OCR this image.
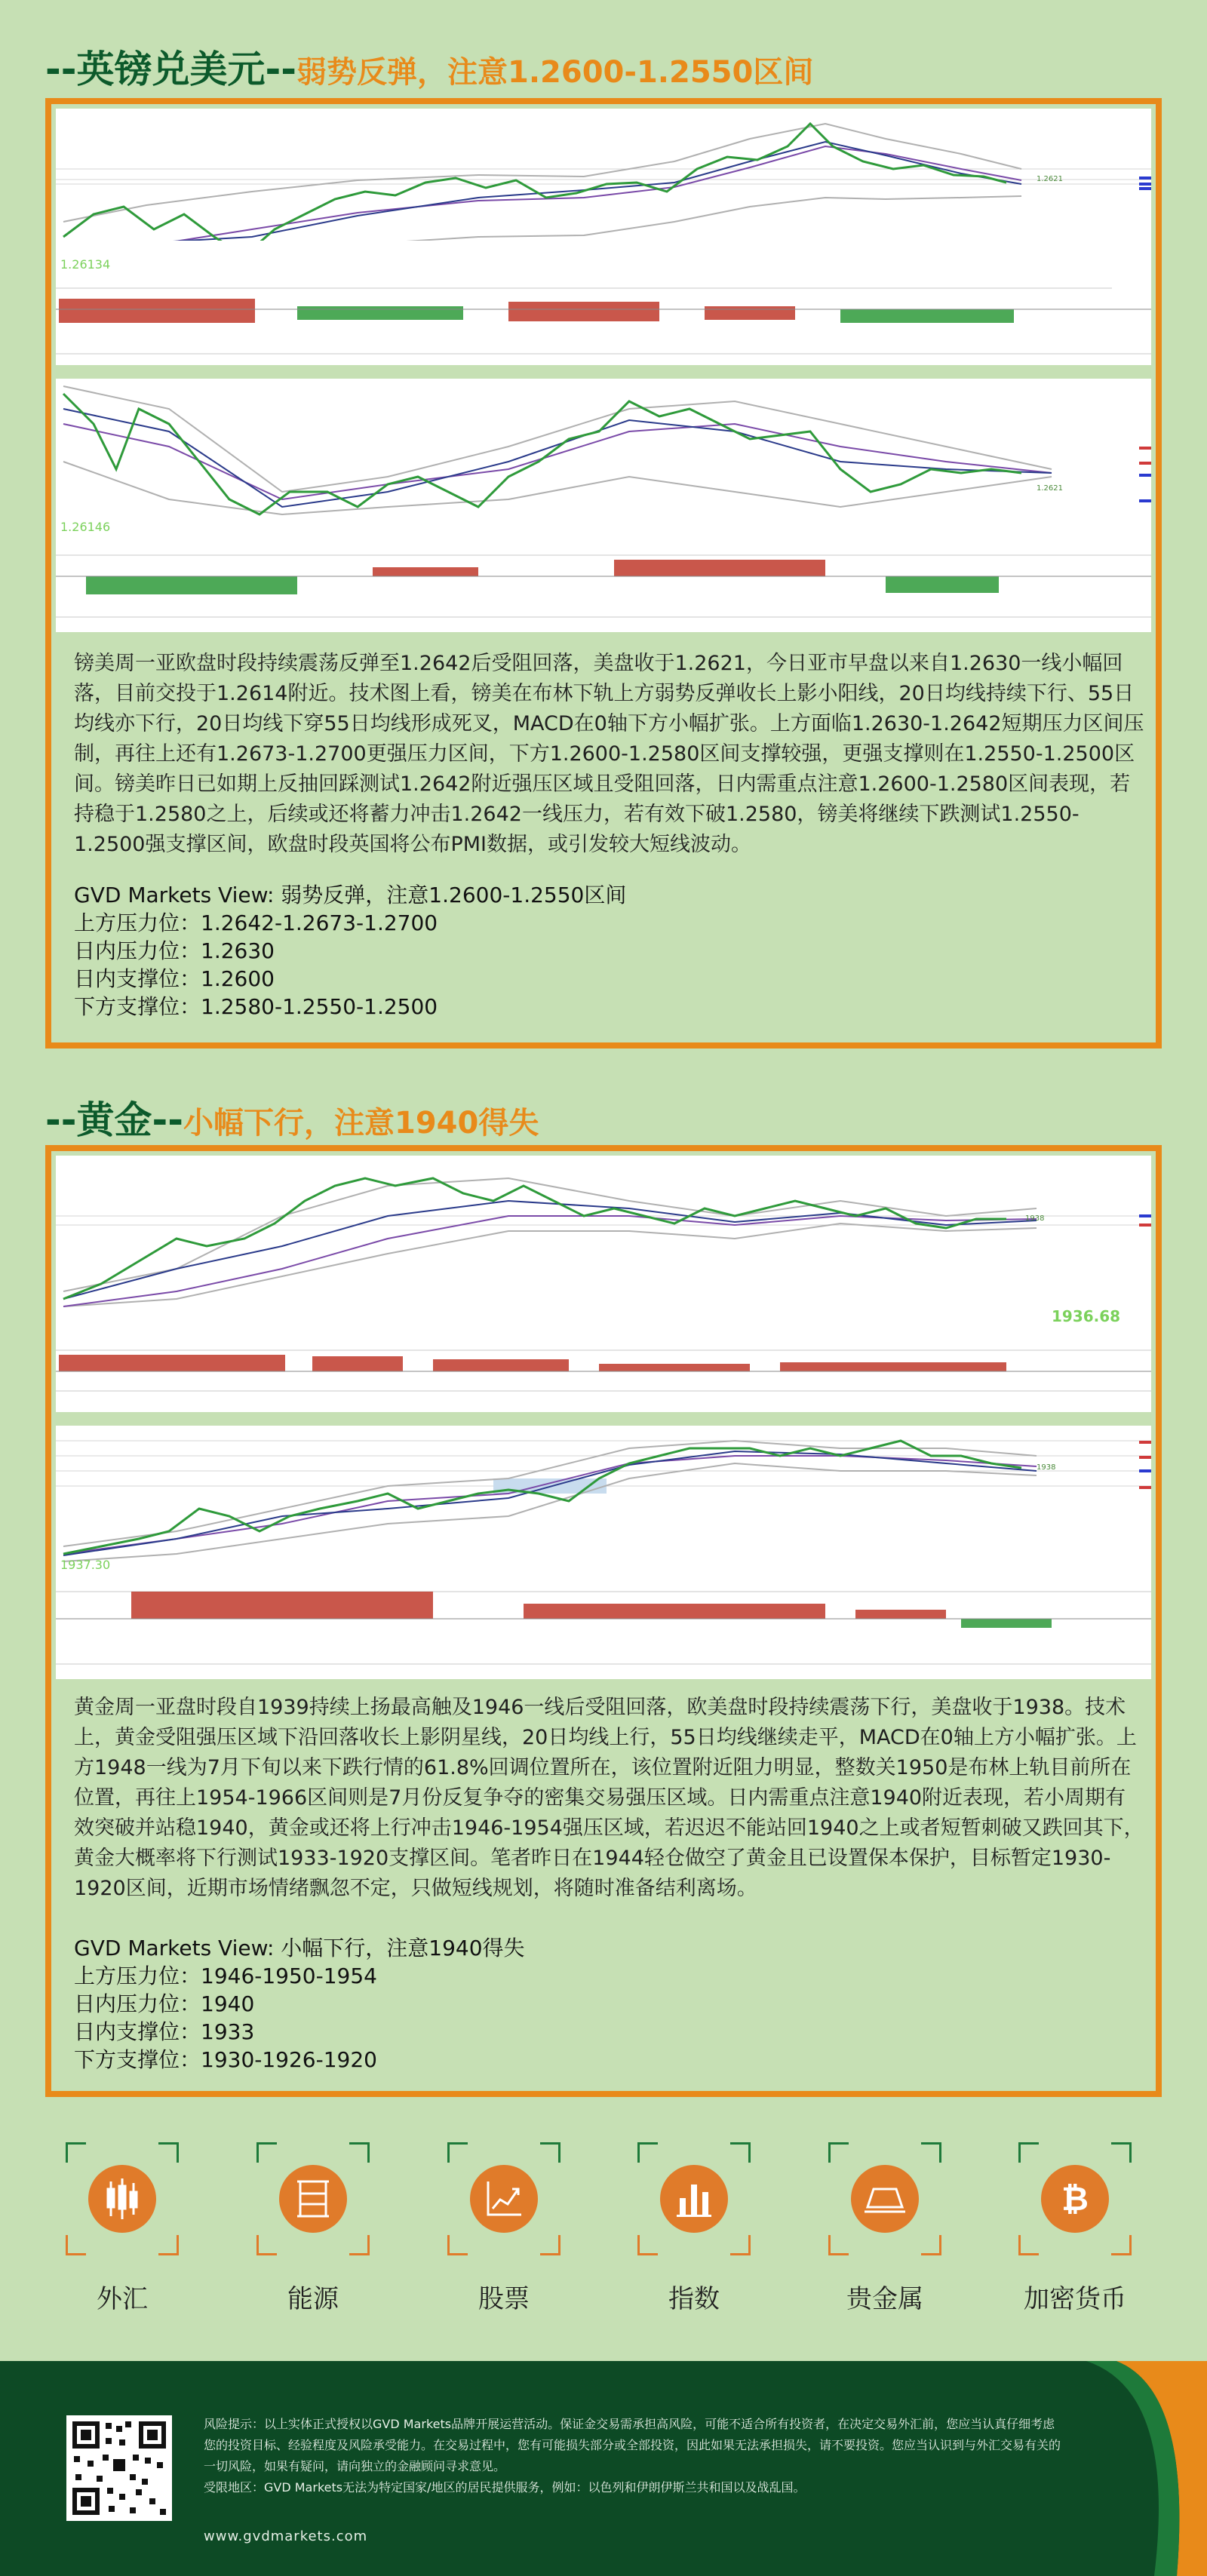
--英镑兑美元--弱势反弹，注意1.2600-1.2550区间
1.26134
1.2621
1.26146
1.2621
镑美周一亚欧盘时段持续震荡反弹至1.2642后受阻回落，美盘收于1.2621，今日亚市早盘以来自1.2630一线小幅回落，目前交投于1.2614附近。技术图上看，镑美在布林下轨上方弱势反弹收长上影小阳线，20日均线持续下行、55日均线亦下行，20日均线下穿55日均线形成死叉，MACD在0轴下方小幅扩张。上方面临1.2630-1.2642短期压力区间压制，再往上还有1.2673-1.2700更强压力区间，下方1.2600-1.2580区间支撑较强，更强支撑则在1.2550-1.2500区间。镑美昨日已如期上反抽回踩测试1.2642附近强压区域且受阻回落，日内需重点注意1.2600-1.2580区间表现，若持稳于1.2580之上，后续或还将蓄力冲击1.2642一线压力，若有效下破1.2580，镑美将继续下跌测试1.2550-1.2500强支撑区间，欧盘时段英国将公布PMI数据，或引发较大短线波动。
GVD Markets View: 弱势反弹，注意1.2600-1.2550区间
上方压力位：1.2642-1.2673-1.2700
日内压力位：1.2630
日内支撑位：1.2600
下方支撑位：1.2580-1.2550-1.2500
--黄金--小幅下行，注意1940得失
1936.68
1938
1937.30
1938
黄金周一亚盘时段自1939持续上扬最高触及1946一线后受阻回落，欧美盘时段持续震荡下行，美盘收于1938。技术上，黄金受阻强压区域下沿回落收长上影阴星线，20日均线上行，55日均线继续走平，MACD在0轴上方小幅扩张。上方1948一线为7月下旬以来下跌行情的61.8%回调位置所在，该位置附近阻力明显，整数关1950是布林上轨目前所在位置，再往上1954-1966区间则是7月份反复争夺的密集交易强压区域。日内需重点注意1940附近表现，若小周期有效突破并站稳1940，黄金或还将上行冲击1946-1954强压区域，若迟迟不能站回1940之上或者短暂刺破又跌回其下，黄金大概率将下行测试1933-1920支撑区间。笔者昨日在1944轻仓做空了黄金且已设置保本保护，目标暂定1930-1920区间，近期市场情绪飘忽不定，只做短线规划，将随时准备结利离场。
GVD Markets View: 小幅下行，注意1940得失
上方压力位：1946-1950-1954
日内压力位：1940
日内支撑位：1933
下方支撑位：1930-1926-1920
外汇	能源	股票	指数	贵金属
₿
加密货币
风险提示：以上实体正式授权以GVD Markets品牌开展运营活动。保证金交易需承担高风险，可能不适合所有投资者，在决定交易外汇前，您应当认真仔细考虑您的投资目标、经验程度及风险承受能力。在交易过程中，您有可能损失部分或全部投资，因此如果无法承担损失，请不要投资。您应当认识到与外汇交易有关的一切风险，如果有疑问，请向独立的金融顾问寻求意见。
受限地区：GVD Markets无法为特定国家/地区的居民提供服务，例如：以色列和伊朗伊斯兰共和国以及战乱国。
www.gvdmarkets.com
